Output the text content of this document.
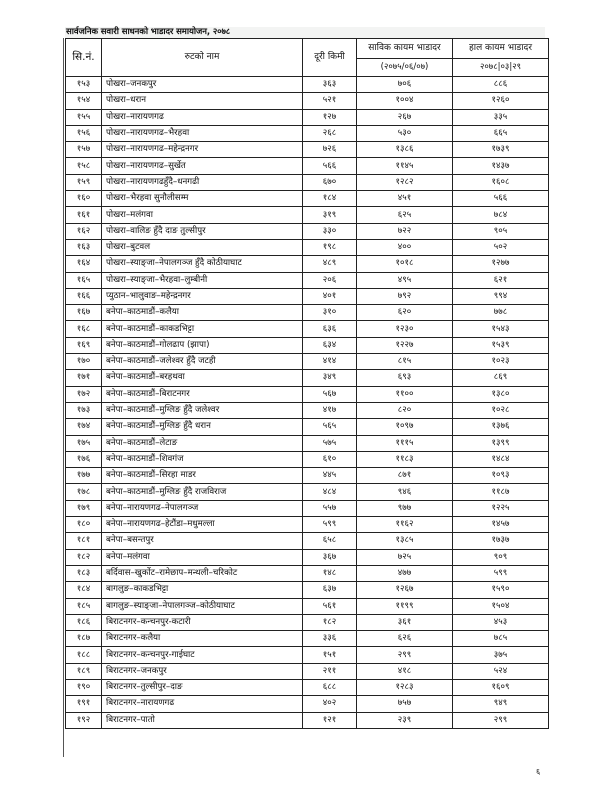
सार्वजनिक सवारी साधनको भाडादर समायोजन, २०७८
सि.नं.	रुटको नाम	दूरी किमी	साविक कायम भाडादर	हाल कायम भाडादर
			(२०७५/०६/०७)	२०७८|०३|२९
१५३	पोखरा–जनकपुर	३६३	७०६	८८६
१५४	पोखरा–धरान	५२१	१००४	१२६०
१५५	पोखरा–नारायणगढ	१२७	२६७	३३५
१५६	पोखरा–नारायणगढ–भैरहवा	२६८	५३०	६६५
१५७	पोखरा–नारायणगढ–महेन्द्रनगर	७२६	१३८६	१७३९
१५८	पोखरा–नारायणगढ–सुर्खेत	५६६	११४५	१४३७
१५९	पोखरा–नारायणगढहुँदै–धनगढी	६७०	१२८२	१६०८
१६०	पोखरा–भैरहवा सुनौलीसम्म	१८४	४५१	५६६
१६१	पोखरा–मलंगवा	३१९	६२५	७८४
१६२	पोखरा–वालिङ हुँदै दाङ तुल्सीपुर	३३०	७२२	९०५
१६३	पोखरा–बुटवल	१९८	४००	५०२
१६४	पोखरा–स्याङ्जा–नेपालगञ्ज हुँदै कोठीयाघाट	४८९	१०१८	१२७७
१६५	पोखरा–स्याङ्जा–भैरहवा–लुम्बीनी	२०६	४९५	६२१
१६६	प्युठान–भालुवाङ–महेन्द्रनगर	४०१	७९२	९९४
१६७	बनेपा–काठमाडौं–कलैया	३१०	६२०	७७८
१६८	बनेपा–काठमाडौं–काकडभिट्टा	६३६	१२३०	१५४३
१६९	बनेपा–काठमाडौं–गोलढाप (झापा)	६३४	१२२७	१५३९
१७०	बनेपा–काठमाडौं–जलेश्वर हुँदै जटही	४१४	८१५	१०२३
१७१	बनेपा–काठमाडौं–बरहथवा	३४९	६९३	८६९
१७२	बनेपा–काठमाडौं–बिराटनगर	५६७	११००	१३८०
१७३	बनेपा–काठमाडौं–मुग्लिङ हुँदै जलेश्वर	४१७	८२०	१०२८
१७४	बनेपा–काठमाडौं–मुग्लिङ हुँदै धरान	५६५	१०९७	१३७६
१७५	बनेपा–काठमाडौं–लेटाङ	५७५	१११५	१३९९
१७६	बनेपा–काठमाडौं–शिवगंज	६१०	११८३	१४८४
१७७	बनेपा–काठमाडौं–सिरहा माडर	४४५	८७१	१०९३
१७८	बनेपा–काठमाडौं–मुग्लिङ हुँदै राजविराज	४८४	९४६	११८७
१७९	बनेपा–नारायणगढ–नेपालगञ्ज	५५७	९७७	१२२५
१८०	बनेपा–नारायणगढ–हेटौंडा–मधुमल्ला	५९९	११६२	१४५७
१८१	बनेपा–बसन्तपुर	६५८	१३८५	१७३७
१८२	बनेपा–मलंगवा	३६७	७२५	९०९
१८३	बर्दिवास–खुर्कोट–रामेछाप–मन्थली–चरिकोट	१४८	४७७	५९९
१८४	बागलुङ–काकडभिट्टा	६३७	१२६७	१५९०
१८५	बागलुङ–स्याङ्जा–नेपालगञ्ज–कोठीयाघाट	५६१	११९९	१५०४
१८६	बिराटनगर–कन्चनपुर-कटारी	१८२	३६१	४५३
१८७	बिराटनगर–कलैया	३३६	६२६	७८५
१८८	बिराटनगर–कन्चनपुर-गाईघाट	१५१	२९९	३७५
१८९	बिराटनगर–जनकपुर	२११	४१८	५२४
१९०	बिराटनगर–तुल्सीपुर–दाङ	६८८	१२८३	१६०९
१९१	बिराटनगर–नारायणगढ	४०२	७५७	९४९
१९२	बिराटनगर–पातो	१२१	२३९	२९९
६
